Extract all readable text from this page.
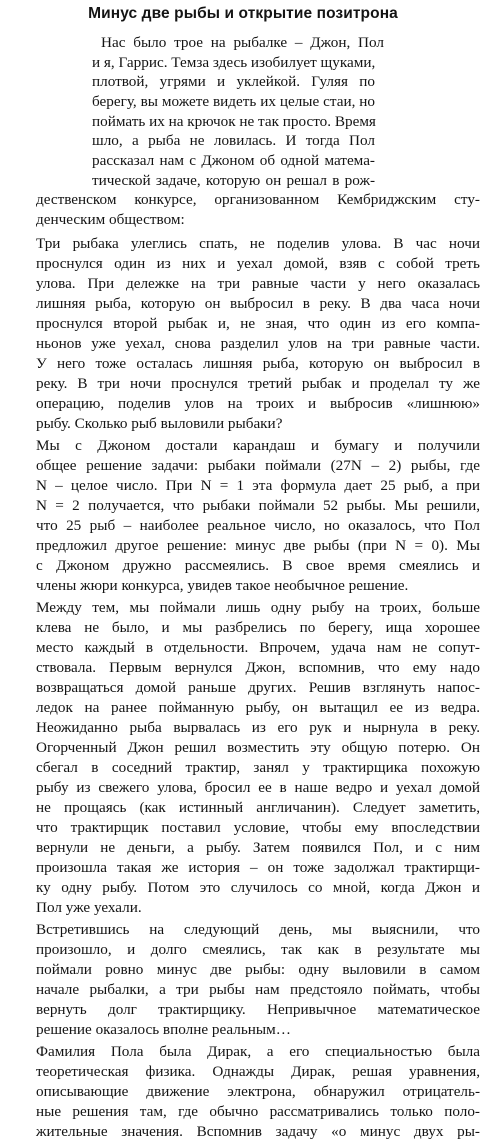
Минус две рыбы и открытие позитрона
Нас было трое на рыбалке – Джон, Пол
и я, Гаррис. Темза здесь изобилует щуками,
плотвой, угрями и уклейкой. Гуляя по
берегу, вы можете видеть их целые стаи, но
поймать их на крючок не так просто. Время
шло, а рыба не ловилась. И тогда Пол
рассказал нам с Джоном об одной матема-
тической задаче, которую он решал в рож-
дественском конкурсе, организованном Кембриджским сту-
денческим обществом:
Три рыбака улеглись спать, не поделив улова. В час ночи
проснулся один из них и уехал домой, взяв с собой треть
улова. При дележке на три равные части у него оказалась
лишняя рыба, которую он выбросил в реку. В два часа ночи
проснулся второй рыбак и, не зная, что один из его компа-
ньонов уже уехал, снова разделил улов на три равные части.
У него тоже осталась лишняя рыба, которую он выбросил в
реку. В три ночи проснулся третий рыбак и проделал ту же
операцию, поделив улов на троих и выбросив «лишнюю»
рыбу. Сколько рыб выловили рыбаки?
Мы с Джоном достали карандаш и бумагу и получили
общее решение задачи: рыбаки поймали (27N – 2) рыбы, где
N – целое число. При N = 1 эта формула дает 25 рыб, а при
N = 2 получается, что рыбаки поймали 52 рыбы. Мы решили,
что 25 рыб – наиболее реальное число, но оказалось, что Пол
предложил другое решение: минус две рыбы (при N = 0). Мы
с Джоном дружно рассмеялись. В свое время смеялись и
члены жюри конкурса, увидев такое необычное решение.
Между тем, мы поймали лишь одну рыбу на троих, больше
клева не было, и мы разбрелись по берегу, ища хорошее
место каждый в отдельности. Впрочем, удача нам не сопут-
ствовала. Первым вернулся Джон, вспомнив, что ему надо
возвращаться домой раньше других. Решив взглянуть напос-
ледок на ранее пойманную рыбу, он вытащил ее из ведра.
Неожиданно рыба вырвалась из его рук и нырнула в реку.
Огорченный Джон решил возместить эту общую потерю. Он
сбегал в соседний трактир, занял у трактирщика похожую
рыбу из свежего улова, бросил ее в наше ведро и уехал домой
не прощаясь (как истинный англичанин). Следует заметить,
что трактирщик поставил условие, чтобы ему впоследствии
вернули не деньги, а рыбу. Затем появился Пол, и с ним
произошла такая же история – он тоже задолжал трактирщи-
ку одну рыбу. Потом это случилось со мной, когда Джон и
Пол уже уехали.
Встретившись на следующий день, мы выяснили, что
произошло, и долго смеялись, так как в результате мы
поймали ровно минус две рыбы: одну выловили в самом
начале рыбалки, а три рыбы нам предстояло поймать, чтобы
вернуть долг трактирщику. Непривычное математическое
решение оказалось вполне реальным…
Фамилия Пола была Дирак, а его специальностью была
теоретическая физика. Однажды Дирак, решая уравнения,
описывающие движение электрона, обнаружил отрицатель-
ные решения там, где обычно рассматривались только поло-
жительные значения. Вспомнив задачу «о минус двух ры-
